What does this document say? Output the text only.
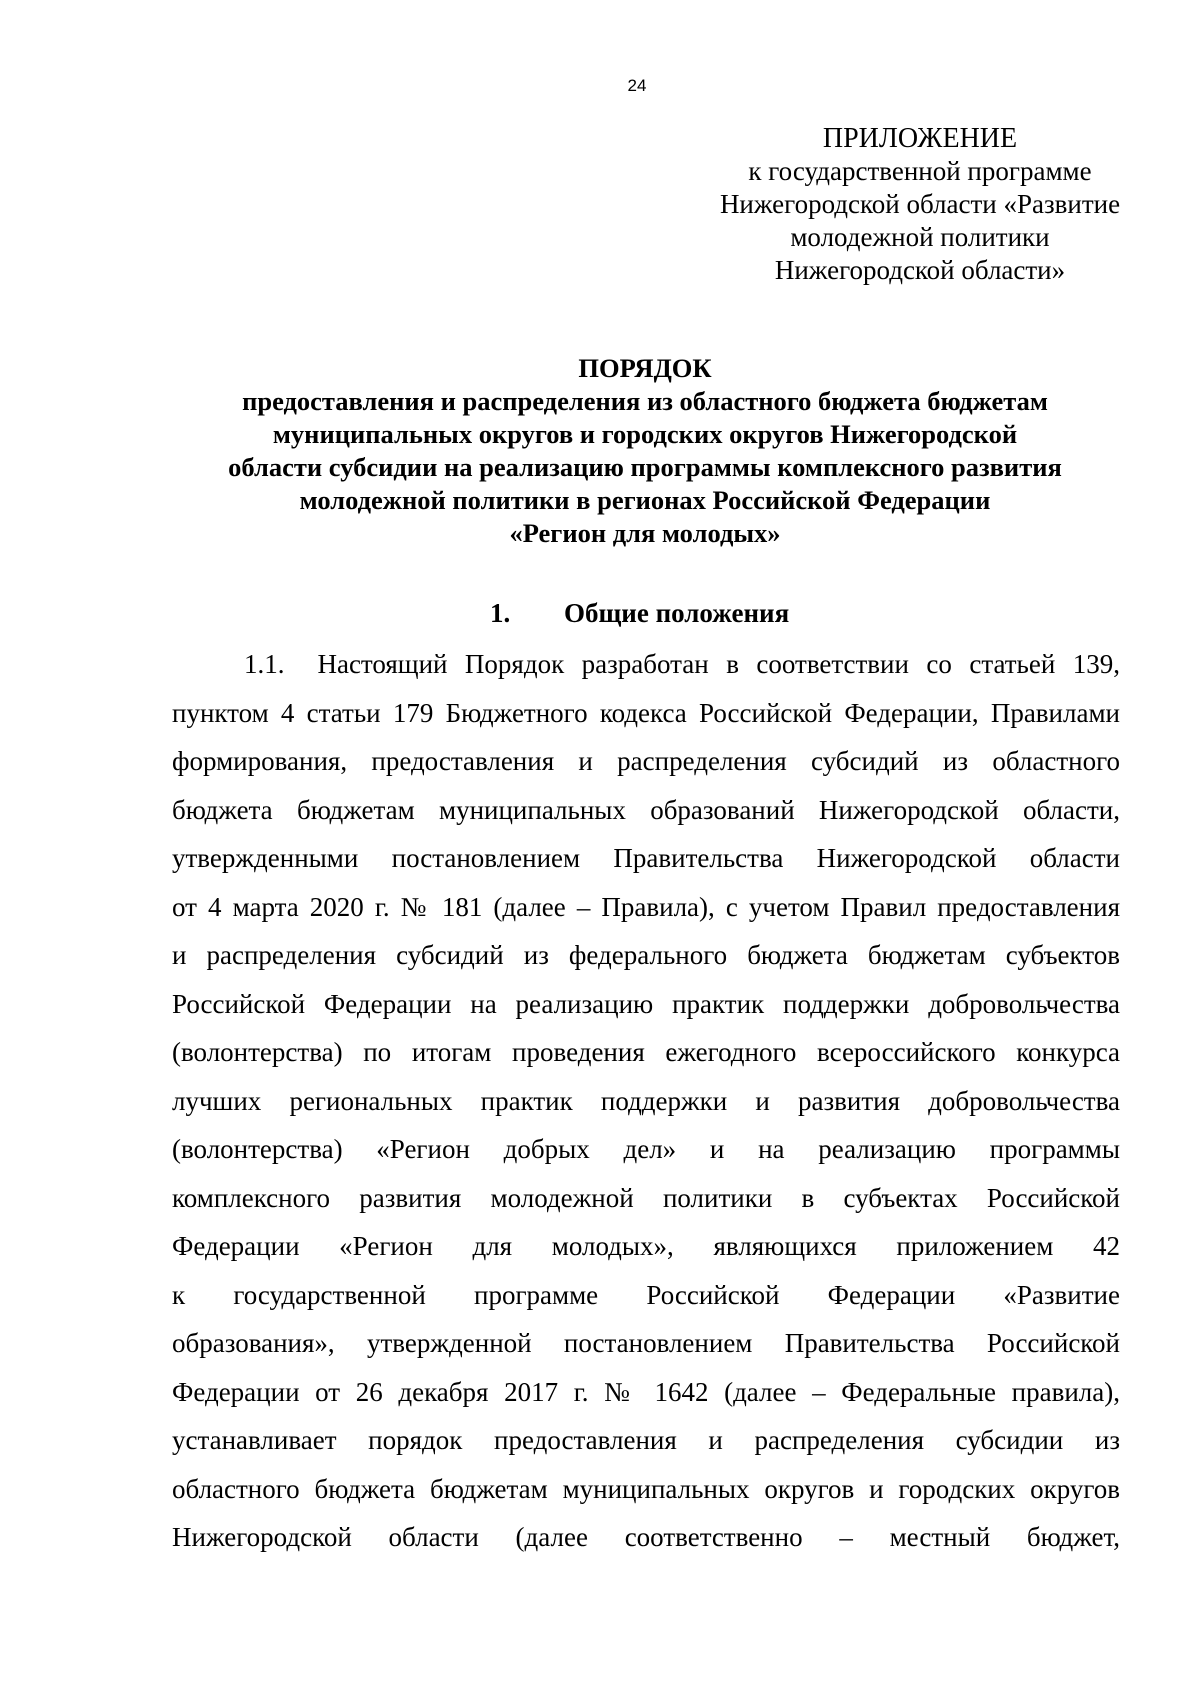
24
ПРИЛОЖЕНИЕ
к государственной программе
Нижегородской области «Развитие
молодежной политики
Нижегородской области»
ПОРЯДОК
предоставления и распределения из областного бюджета бюджетам
муниципальных округов и городских округов Нижегородской
области субсидии на реализацию программы комплексного развития
молодежной политики в регионах Российской Федерации
«Регион для молодых»
1. Общие положения
1.1. Настоящий Порядок разработан в соответствии со статьей 139,
пунктом 4 статьи 179 Бюджетного кодекса Российской Федерации, Правилами
формирования, предоставления и распределения субсидий из областного
бюджета бюджетам муниципальных образований Нижегородской области,
утвержденными постановлением Правительства Нижегородской области
от 4 марта 2020 г. № 181 (далее – Правила), с учетом Правил предоставления
и распределения субсидий из федерального бюджета бюджетам субъектов
Российской Федерации на реализацию практик поддержки добровольчества
(волонтерства) по итогам проведения ежегодного всероссийского конкурса
лучших региональных практик поддержки и развития добровольчества
(волонтерства) «Регион добрых дел» и на реализацию программы
комплексного развития молодежной политики в субъектах Российской
Федерации «Регион для молодых», являющихся приложением 42
к государственной программе Российской Федерации «Развитие
образования», утвержденной постановлением Правительства Российской
Федерации от 26 декабря 2017 г. № 1642 (далее – Федеральные правила),
устанавливает порядок предоставления и распределения субсидии из
областного бюджета бюджетам муниципальных округов и городских округов
Нижегородской области (далее соответственно – местный бюджет,
